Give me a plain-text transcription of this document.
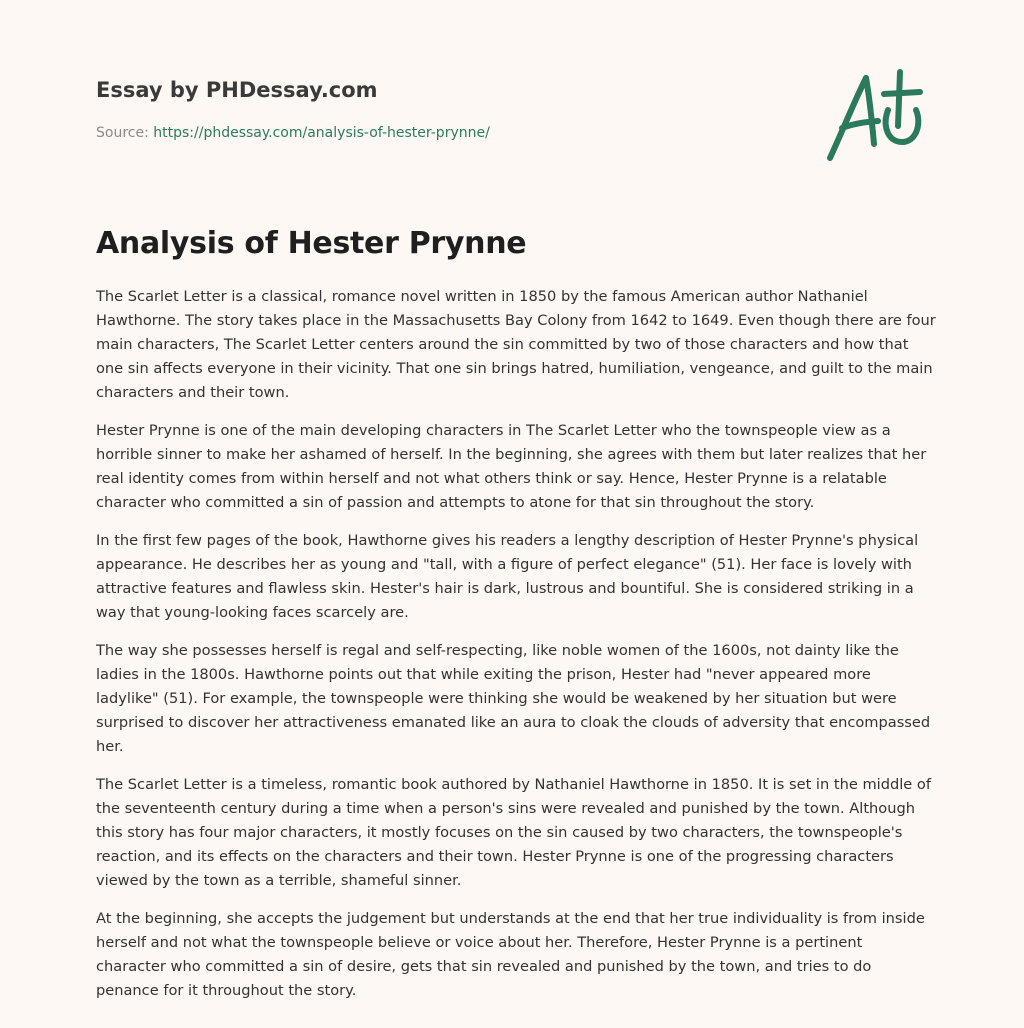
Essay by PHDessay.com
Source: https://phdessay.com/analysis-of-hester-prynne/
Analysis of Hester Prynne

The Scarlet Letter is a classical, romance novel written in 1850 by the famous American author Nathaniel Hawthorne. The story takes place in the Massachusetts Bay Colony from 1642 to 1649. Even though there are four main characters, The Scarlet Letter centers around the sin committed by two of those characters and how that one sin affects everyone in their vicinity. That one sin brings hatred, humiliation, vengeance, and guilt to the main characters and their town.

Hester Prynne is one of the main developing characters in The Scarlet Letter who the townspeople view as a horrible sinner to make her ashamed of herself. In the beginning, she agrees with them but later realizes that her real identity comes from within herself and not what others think or say. Hence, Hester Prynne is a relatable character who committed a sin of passion and attempts to atone for that sin throughout the story.

In the first few pages of the book, Hawthorne gives his readers a lengthy description of Hester Prynne's physical appearance. He describes her as young and "tall, with a figure of perfect elegance" (51). Her face is lovely with attractive features and flawless skin. Hester's hair is dark, lustrous and bountiful. She is considered striking in a way that young-looking faces scarcely are.

The way she possesses herself is regal and self-respecting, like noble women of the 1600s, not dainty like the ladies in the 1800s. Hawthorne points out that while exiting the prison, Hester had "never appeared more ladylike" (51). For example, the townspeople were thinking she would be weakened by her situation but were surprised to discover her attractiveness emanated like an aura to cloak the clouds of adversity that encompassed her.

The Scarlet Letter is a timeless, romantic book authored by Nathaniel Hawthorne in 1850. It is set in the middle of the seventeenth century during a time when a person's sins were revealed and punished by the town. Although this story has four major characters, it mostly focuses on the sin caused by two characters, the townspeople's reaction, and its effects on the characters and their town. Hester Prynne is one of the progressing characters viewed by the town as a terrible, shameful sinner.

At the beginning, she accepts the judgement but understands at the end that her true individuality is from inside herself and not what the townspeople believe or voice about her. Therefore, Hester Prynne is a pertinent character who committed a sin of desire, gets that sin revealed and punished by the town, and tries to do penance for it throughout the story.
